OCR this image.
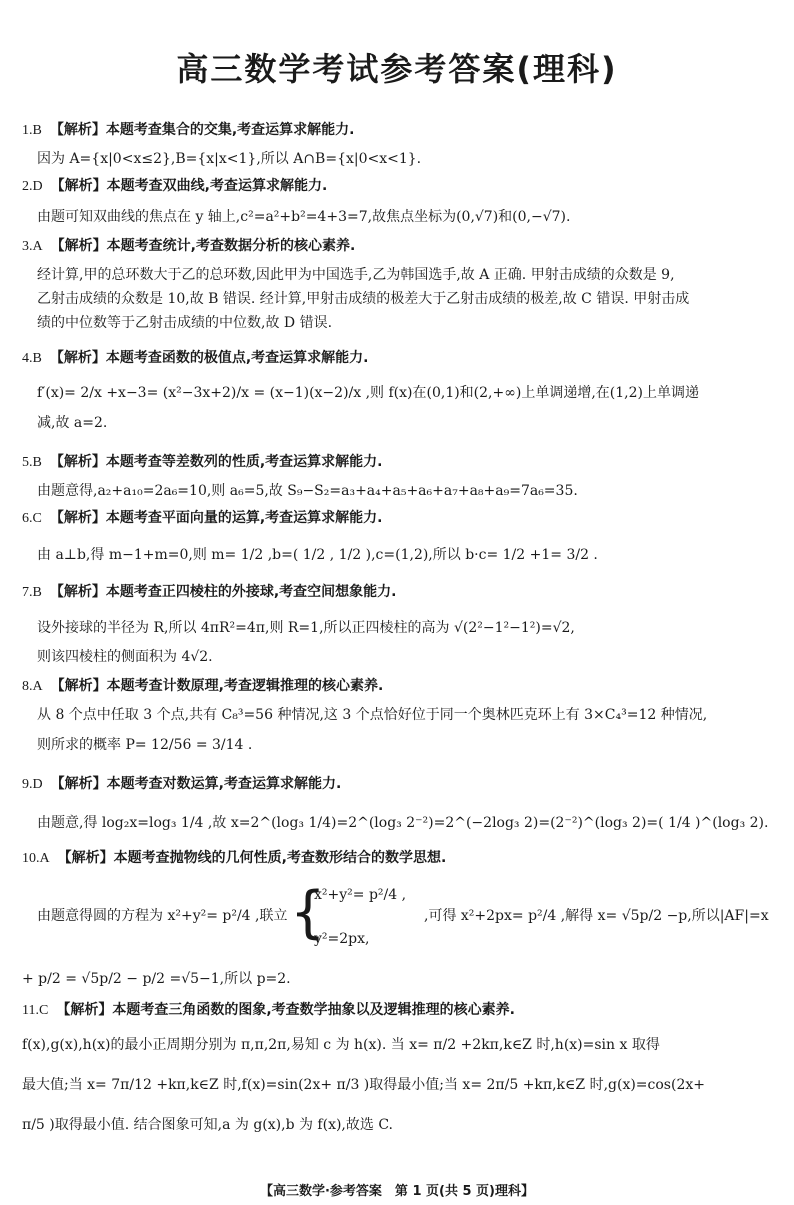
高三数学考试参考答案(理科)
1.B 【解析】本题考查集合的交集,考查运算求解能力.
因为 A={x|0<x≤2},B={x|x<1},所以 A∩B={x|0<x<1}.
2.D 【解析】本题考查双曲线,考查运算求解能力.
由题可知双曲线的焦点在 y 轴上,c²=a²+b²=4+3=7,故焦点坐标为(0,√7)和(0,−√7).
3.A 【解析】本题考查统计,考查数据分析的核心素养.
经计算,甲的总环数大于乙的总环数,因此甲为中国选手,乙为韩国选手,故 A 正确. 甲射击成绩的众数是 9,
乙射击成绩的众数是 10,故 B 错误. 经计算,甲射击成绩的极差大于乙射击成绩的极差,故 C 错误. 甲射击成
绩的中位数等于乙射击成绩的中位数,故 D 错误.
4.B 【解析】本题考查函数的极值点,考查运算求解能力.
f′(x)= 2/x +x−3= (x²−3x+2)/x = (x−1)(x−2)/x ,则 f(x)在(0,1)和(2,+∞)上单调递增,在(1,2)上单调递
减,故 a=2.
5.B 【解析】本题考查等差数列的性质,考查运算求解能力.
由题意得,a₂+a₁₀=2a₆=10,则 a₆=5,故 S₉−S₂=a₃+a₄+a₅+a₆+a₇+a₈+a₉=7a₆=35.
6.C 【解析】本题考查平面向量的运算,考查运算求解能力.
由 a⊥b,得 m−1+m=0,则 m= 1/2 ,b=( 1/2 , 1/2 ),c=(1,2),所以 b·c= 1/2 +1= 3/2 .
7.B 【解析】本题考查正四棱柱的外接球,考查空间想象能力.
设外接球的半径为 R,所以 4πR²=4π,则 R=1,所以正四棱柱的高为 √(2²−1²−1²)=√2,
则该四棱柱的侧面积为 4√2.
8.A 【解析】本题考查计数原理,考查逻辑推理的核心素养.
从 8 个点中任取 3 个点,共有 C₈³=56 种情况,这 3 个点恰好位于同一个奥林匹克环上有 3×C₄³=12 种情况,
则所求的概率 P= 12/56 = 3/14 .
9.D 【解析】本题考查对数运算,考查运算求解能力.
由题意,得 log₂x=log₃ 1/4 ,故 x=2^(log₃ 1/4)=2^(log₃ 2⁻²)=2^(−2log₃ 2)=(2⁻²)^(log₃ 2)=( 1/4 )^(log₃ 2).
10.A 【解析】本题考查抛物线的几何性质,考查数形结合的数学思想.
由题意得圆的方程为 x²+y²= p²/4 ,联立 {
x²+y²= p²/4 ,
y²=2px,
,可得 x²+2px= p²/4 ,解得 x= √5p/2 −p,所以|AF|=x
+ p/2 = √5p/2 − p/2 =√5−1,所以 p=2.
11.C 【解析】本题考查三角函数的图象,考查数学抽象以及逻辑推理的核心素养.
f(x),g(x),h(x)的最小正周期分别为 π,π,2π,易知 c 为 h(x). 当 x= π/2 +2kπ,k∈Z 时,h(x)=sin x 取得
最大值;当 x= 7π/12 +kπ,k∈Z 时,f(x)=sin(2x+ π/3 )取得最小值;当 x= 2π/5 +kπ,k∈Z 时,g(x)=cos(2x+
π/5 )取得最小值. 结合图象可知,a 为 g(x),b 为 f(x),故选 C.
【高三数学·参考答案　第 1 页(共 5 页)理科】
